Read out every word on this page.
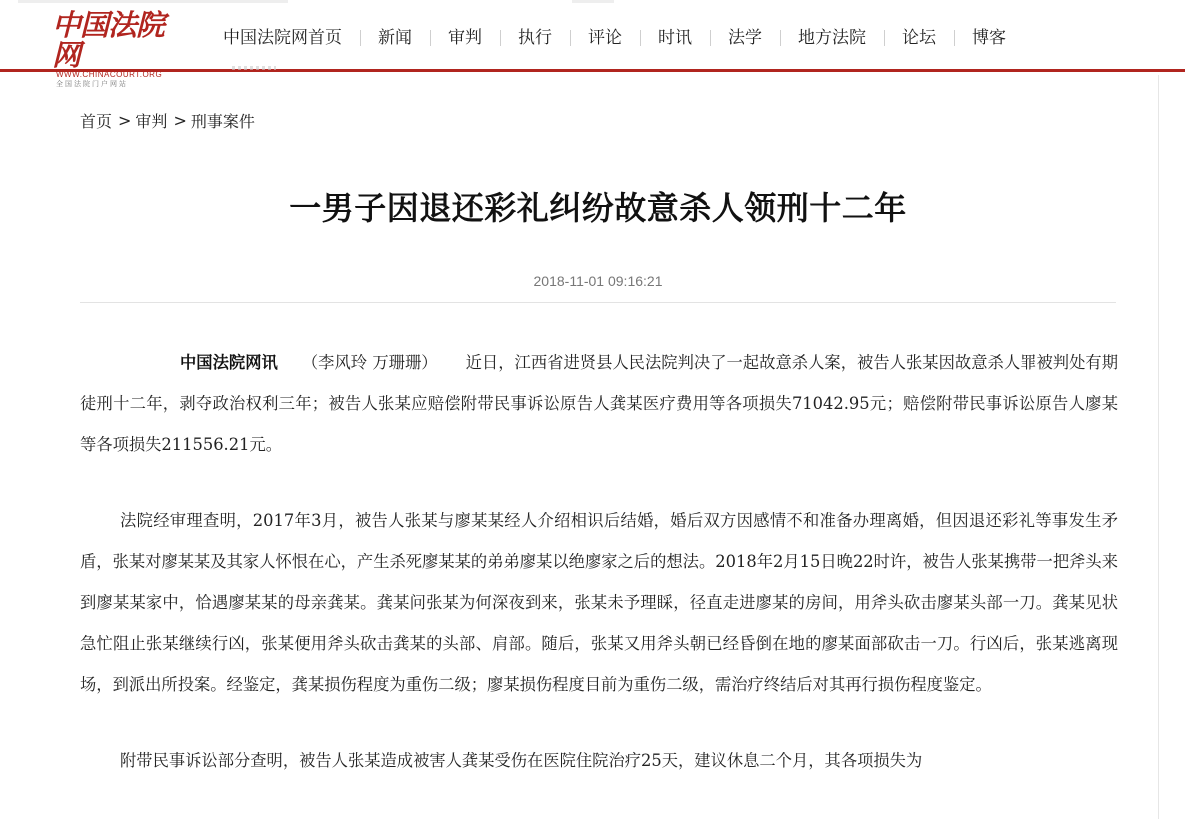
中国法院网
WWW.CHINACOURT.ORG
全国法院门户网站
中国法院网首页	新闻	审判	执行	评论	时讯	法学	地方法院	论坛	博客
首页 > 审判 > 刑事案件
一男子因退还彩礼纠纷故意杀人领刑十二年
2018-11-01 09:16:21

中国法院网讯 （李风玲 万珊珊） 近日，江西省进贤县人民法院判决了一起故意杀人案，被告人张某因故意杀人罪被判处有期徒刑十二年，剥夺政治权利三年；被告人张某应赔偿附带民事诉讼原告人龚某医疗费用等各项损失71042.95元；赔偿附带民事诉讼原告人廖某等各项损失211556.21元。

法院经审理查明，2017年3月，被告人张某与廖某某经人介绍相识后结婚，婚后双方因感情不和准备办理离婚，但因退还彩礼等事发生矛盾，张某对廖某某及其家人怀恨在心，产生杀死廖某某的弟弟廖某以绝廖家之后的想法。2018年2月15日晚22时许，被告人张某携带一把斧头来到廖某某家中，恰遇廖某某的母亲龚某。龚某问张某为何深夜到来，张某未予理睬，径直走进廖某的房间，用斧头砍击廖某头部一刀。龚某见状急忙阻止张某继续行凶，张某便用斧头砍击龚某的头部、肩部。随后，张某又用斧头朝已经昏倒在地的廖某面部砍击一刀。行凶后，张某逃离现场，到派出所投案。经鉴定，龚某损伤程度为重伤二级；廖某损伤程度目前为重伤二级，需治疗终结后对其再行损伤程度鉴定。

附带民事诉讼部分查明，被告人张某造成被害人龚某受伤在医院住院治疗25天，建议休息二个月，其各项损失为
